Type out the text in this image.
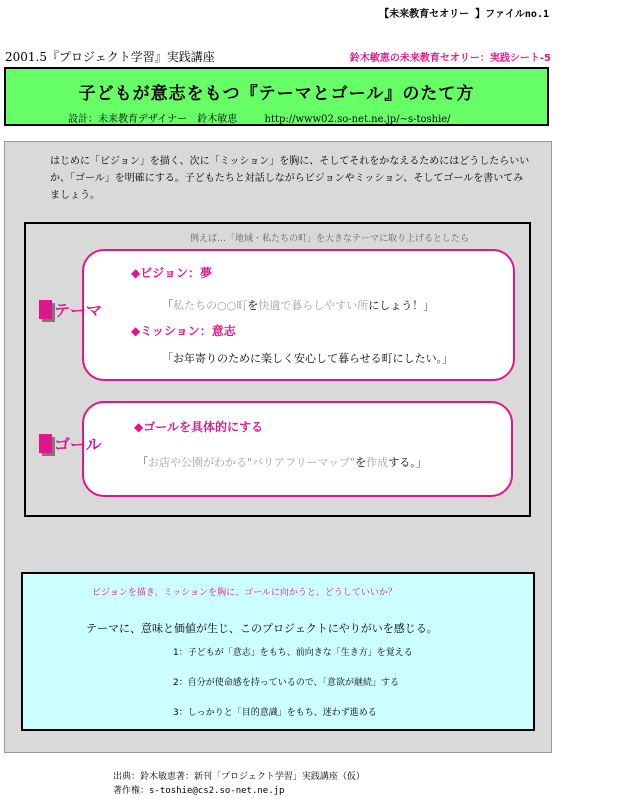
【未来教育セオリー 】ファイルno.1
2001.5『プロジェクト学習』実践講座	鈴木敏恵の未来教育セオリー：実践シート-5
子どもが意志をもつ『テーマとゴール』のたて方
設計：未来教育デザイナー　鈴木敏恵	http://www02.so-net.ne.jp/~s-toshie/
はじめに「ビジョン」を描く、次に「ミッション」を胸に、そしてそれをかなえるためにはどうしたらいいか、「ゴール」を明確にする。子どもたちと対話しながらビジョンやミッション、そしてゴールを書いてみましょう。
例えば…「地域・私たちの町」を大きなテーマに取り上げるとしたら
◆ビジョン：夢
「私たちの○○町を快適で暮らしやすい所にしょう！」
◆ミッション：意志
「お年寄りのために楽しく安心して暮らせる町にしたい。」
テーマ
◆ゴールを具体的にする
「お店や公園がわかる"バリアフリーマップ"を作成する。」
ゴール
ビジョンを描き、ミッションを胸に、ゴールに向かうと、どうしていいか？
テーマに、意味と価値が生じ、このプロジェクトにやりがいを感じる。
1：子どもが「意志」をもち、前向きな「生き方」を覚える
2：自分が使命感を持っているので、「意欲が継続」する
3：しっかりと「目的意識」をもち、迷わず進める
出典：鈴木敏恵著：新刊「プロジェクト学習」実践講座（仮）
著作権：s-toshie@cs2.so-net.ne.jp
